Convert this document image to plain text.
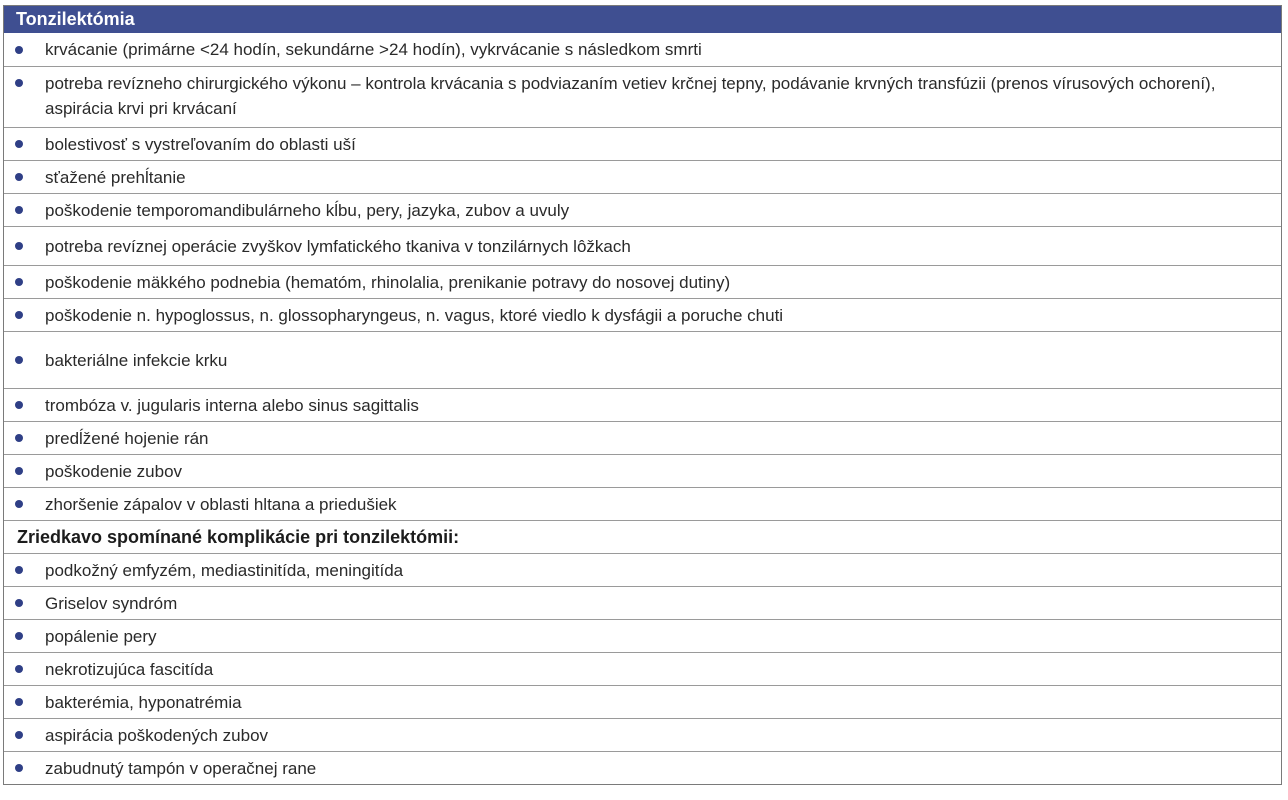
Tonzilektómia
krvácanie (primárne <24 hodín, sekundárne >24 hodín), vykrvácanie s následkom smrti
potreba revízneho chirurgického výkonu – kontrola krvácania s podviazaním vetiev krčnej tepny, podávanie krvných transfúzii (prenos vírusových ochorení), aspirácia krvi pri krvácaní
bolestivosť s vystreľovaním do oblasti uší
sťažené prehĺtanie
poškodenie temporomandibulárneho kĺbu, pery, jazyka, zubov a uvuly
potreba revíznej operácie zvyškov lymfatického tkaniva v tonzilárnych lôžkach
poškodenie mäkkého podnebia (hematóm, rhinolalia, prenikanie potravy do nosovej dutiny)
poškodenie n. hypoglossus, n. glossopharyngeus, n. vagus, ktoré viedlo k dysfágii a poruche chuti
bakteriálne infekcie krku
trombóza v. jugularis interna alebo sinus sagittalis
predĺžené hojenie rán
poškodenie zubov
zhoršenie zápalov v oblasti hltana a priedušiek
Zriedkavo spomínané komplikácie pri tonzilektómii:
podkožný emfyzém, mediastinitída, meningitída
Griselov syndróm
popálenie pery
nekrotizujúca fascitída
bakterémia, hyponatrémia
aspirácia poškodených zubov
zabudnutý tampón v operačnej rane
